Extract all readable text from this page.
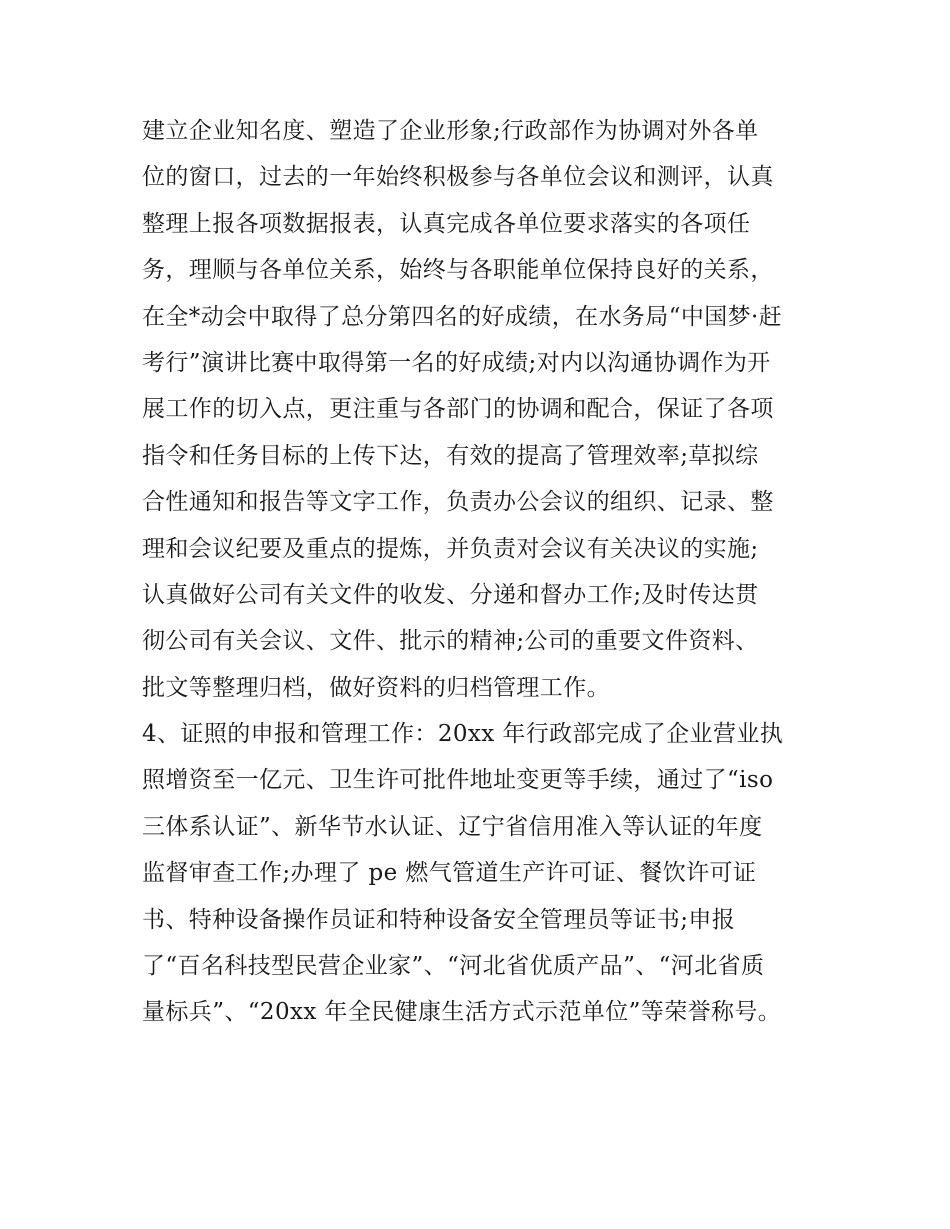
建立企业知名度、塑造了企业形象;行政部作为协调对外各单
位的窗口，过去的一年始终积极参与各单位会议和测评，认真
整理上报各项数据报表，认真完成各单位要求落实的各项任
务，理顺与各单位关系，始终与各职能单位保持良好的关系，
在全*动会中取得了总分第四名的好成绩，在水务局“中国梦·赶
考行”演讲比赛中取得第一名的好成绩;对内以沟通协调作为开
展工作的切入点，更注重与各部门的协调和配合，保证了各项
指令和任务目标的上传下达，有效的提高了管理效率;草拟综
合性通知和报告等文字工作，负责办公会议的组织、记录、整
理和会议纪要及重点的提炼，并负责对会议有关决议的实施;
认真做好公司有关文件的收发、分递和督办工作;及时传达贯
彻公司有关会议、文件、批示的精神;公司的重要文件资料、
批文等整理归档，做好资料的归档管理工作。
4、证照的申报和管理工作：20xx 年行政部完成了企业营业执
照增资至一亿元、卫生许可批件地址变更等手续，通过了“iso
三体系认证”、新华节水认证、辽宁省信用准入等认证的年度
监督审查工作;办理了 pe 燃气管道生产许可证、餐饮许可证
书、特种设备操作员证和特种设备安全管理员等证书;申报
了“百名科技型民营企业家”、“河北省优质产品”、“河北省质
量标兵”、“20xx 年全民健康生活方式示范单位”等荣誉称号。
